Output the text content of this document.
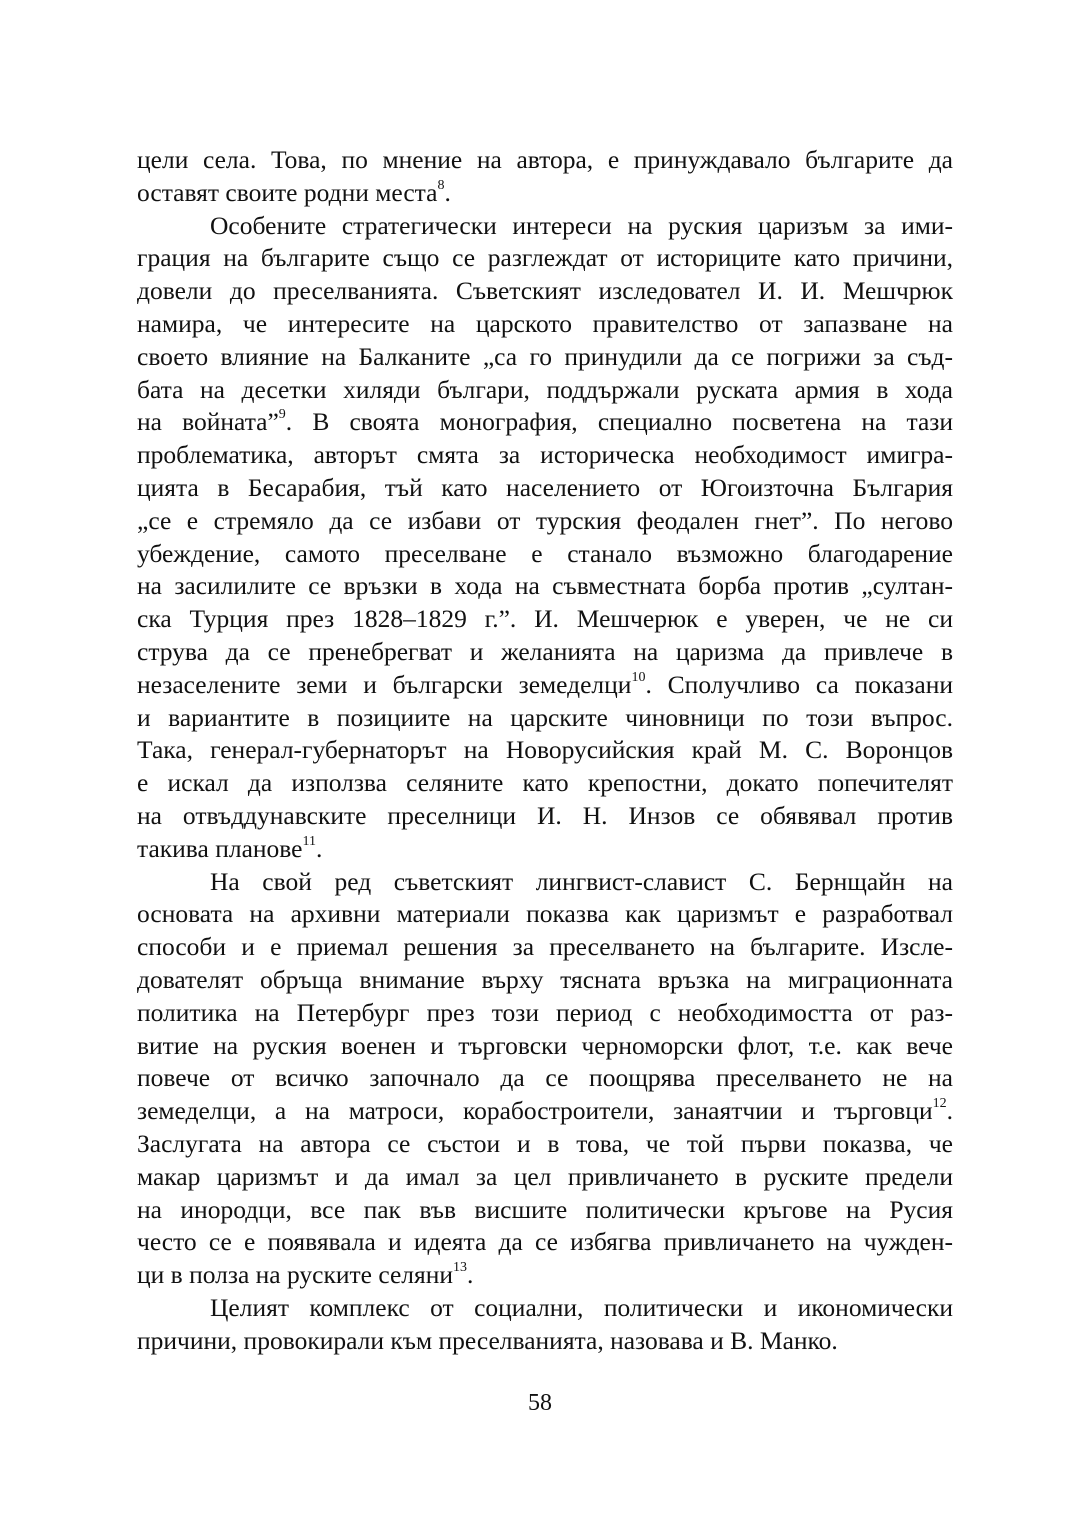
цели села. Това, по мнение на автора, е принуждавало българите да
оставят своите родни места$^8$.
Особените стратегически интереси на руския царизъм за ими-
грация на българите също се разглеждат от историците като причини,
довели до преселванията. Съветският изследовател И. И. Мешчрюк
намира, че интересите на царското правителство от запазване на
своето влияние на Балканите „са го принудили да се погрижи за съд-
бата на десетки хиляди българи, поддържали руската армия в хода
на войната”$^9$. В своята монография, специално посветена на тази
проблематика, авторът смята за историческа необходимост имигра-
цията в Бесарабия, тъй като населението от Югоизточна България
„се е стремяло да се избави от турския феодален гнет”. По негово
убеждение, самото преселване е станало възможно благодарение
на засилилите се връзки в хода на съвместната борба против „султан-
ска Турция през 1828–1829 г.”. И. Мешчерюк е уверен, че не си
струва да се пренебрегват и желанията на царизма да привлече в
незаселените земи и български земеделци$^{10}$. Сполучливо са показани
и вариантите в позициите на царските чиновници по този въпрос.
Така, генерал-губернаторът на Новорусийския край М. С. Воронцов
е искал да използва селяните като крепостни, докато попечителят
на отвъддунавските преселници И. Н. Инзов се обявявал против
такива планове$^{11}$.
На свой ред съветският лингвист-славист С. Бернщайн на
основата на архивни материали показва как царизмът е разработвал
способи и е приемал решения за преселването на българите. Изсле-
дователят обръща внимание върху тясната връзка на миграционната
политика на Петербург през този период с необходимостта от раз-
витие на руския военен и търговски черноморски флот, т.е. как вече
повече от всичко започнало да се поощрява преселването не на
земеделци, а на матроси, корабостроители, занаятчии и търговци$^{12}$.
Заслугата на автора се състои и в това, че той първи показва, че
макар царизмът и да имал за цел привличането в руските предели
на инородци, все пак във висшите политически кръгове на Русия
често се е появявала и идеята да се избягва привличането на чужден-
ци в полза на руските селяни$^{13}$.
Целият комплекс от социални, политически и икономически
причини, провокирали към преселванията, назовава и В. Манко.
58
